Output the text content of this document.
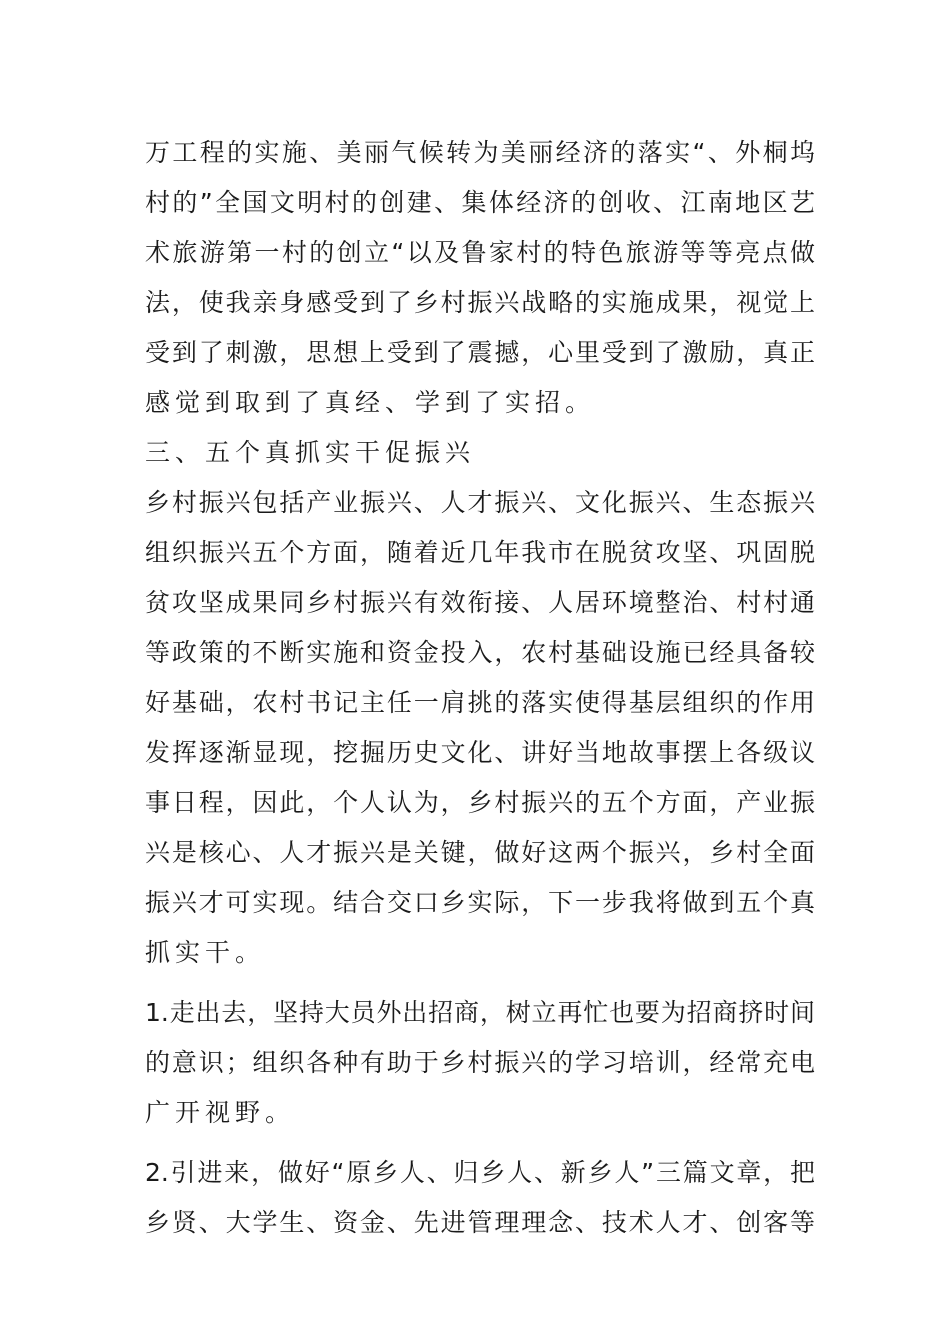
万工程的实施、美丽气候转为美丽经济的落实“、外桐坞
村的”全国文明村的创建、集体经济的创收、江南地区艺
术旅游第一村的创立“以及鲁家村的特色旅游等等亮点做
法，使我亲身感受到了乡村振兴战略的实施成果，视觉上
受到了刺激，思想上受到了震撼，心里受到了激励，真正
感觉到取到了真经、学到了实招。
三、五个真抓实干促振兴
乡村振兴包括产业振兴、人才振兴、文化振兴、生态振兴
组织振兴五个方面，随着近几年我市在脱贫攻坚、巩固脱
贫攻坚成果同乡村振兴有效衔接、人居环境整治、村村通
等政策的不断实施和资金投入，农村基础设施已经具备较
好基础，农村书记主任一肩挑的落实使得基层组织的作用
发挥逐渐显现，挖掘历史文化、讲好当地故事摆上各级议
事日程，因此，个人认为，乡村振兴的五个方面，产业振
兴是核心、人才振兴是关键，做好这两个振兴，乡村全面
振兴才可实现。结合交口乡实际，下一步我将做到五个真
抓实干。
1.走出去，坚持大员外出招商，树立再忙也要为招商挤时间
的意识；组织各种有助于乡村振兴的学习培训，经常充电
广开视野。
2.引进来，做好“原乡人、归乡人、新乡人”三篇文章，把
乡贤、大学生、资金、先进管理理念、技术人才、创客等
